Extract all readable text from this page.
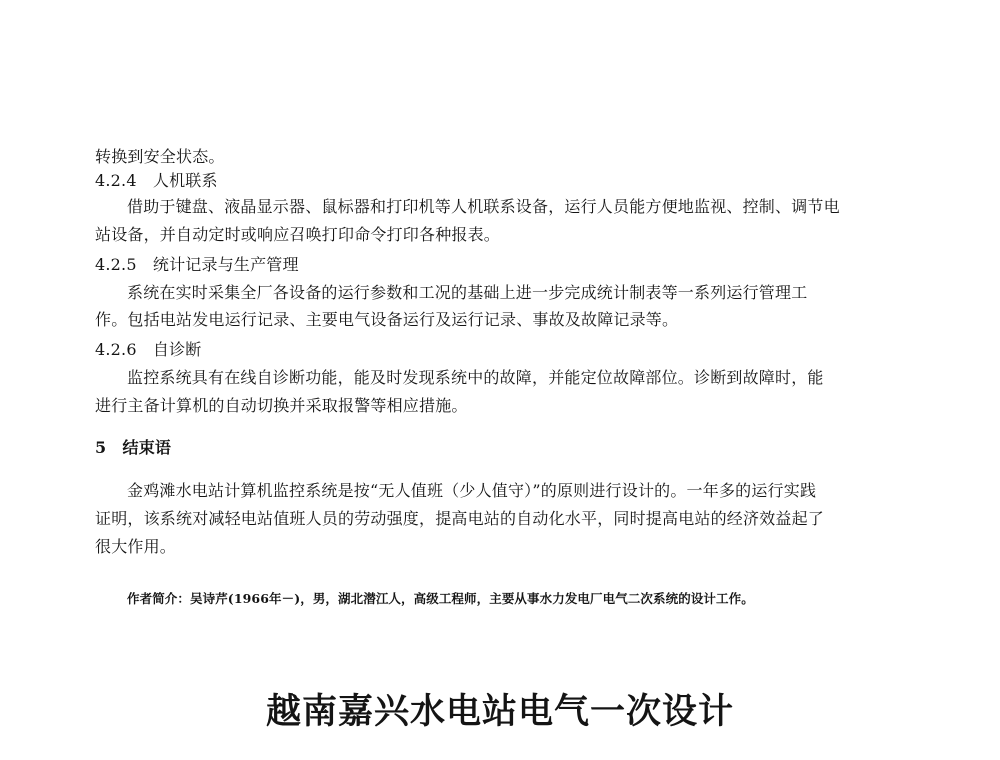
转换到安全状态。
4.2.4　人机联系
借助于键盘、液晶显示器、鼠标器和打印机等人机联系设备，运行人员能方便地监视、控制、调节电
站设备，并自动定时或响应召唤打印命令打印各种报表。
4.2.5　统计记录与生产管理
系统在实时采集全厂各设备的运行参数和工况的基础上进一步完成统计制表等一系列运行管理工
作。包括电站发电运行记录、主要电气设备运行及运行记录、事故及故障记录等。
4.2.6　自诊断
监控系统具有在线自诊断功能，能及时发现系统中的故障，并能定位故障部位。诊断到故障时，能
进行主备计算机的自动切换并采取报警等相应措施。
5　结束语
金鸡滩水电站计算机监控系统是按“无人值班（少人值守）”的原则进行设计的。一年多的运行实践
证明，该系统对减轻电站值班人员的劳动强度，提高电站的自动化水平，同时提高电站的经济效益起了
很大作用。
作者简介：吴诗芹(1966年－)，男，湖北潜江人，高级工程师，主要从事水力发电厂电气二次系统的设计工作。
越南嘉兴水电站电气一次设计
